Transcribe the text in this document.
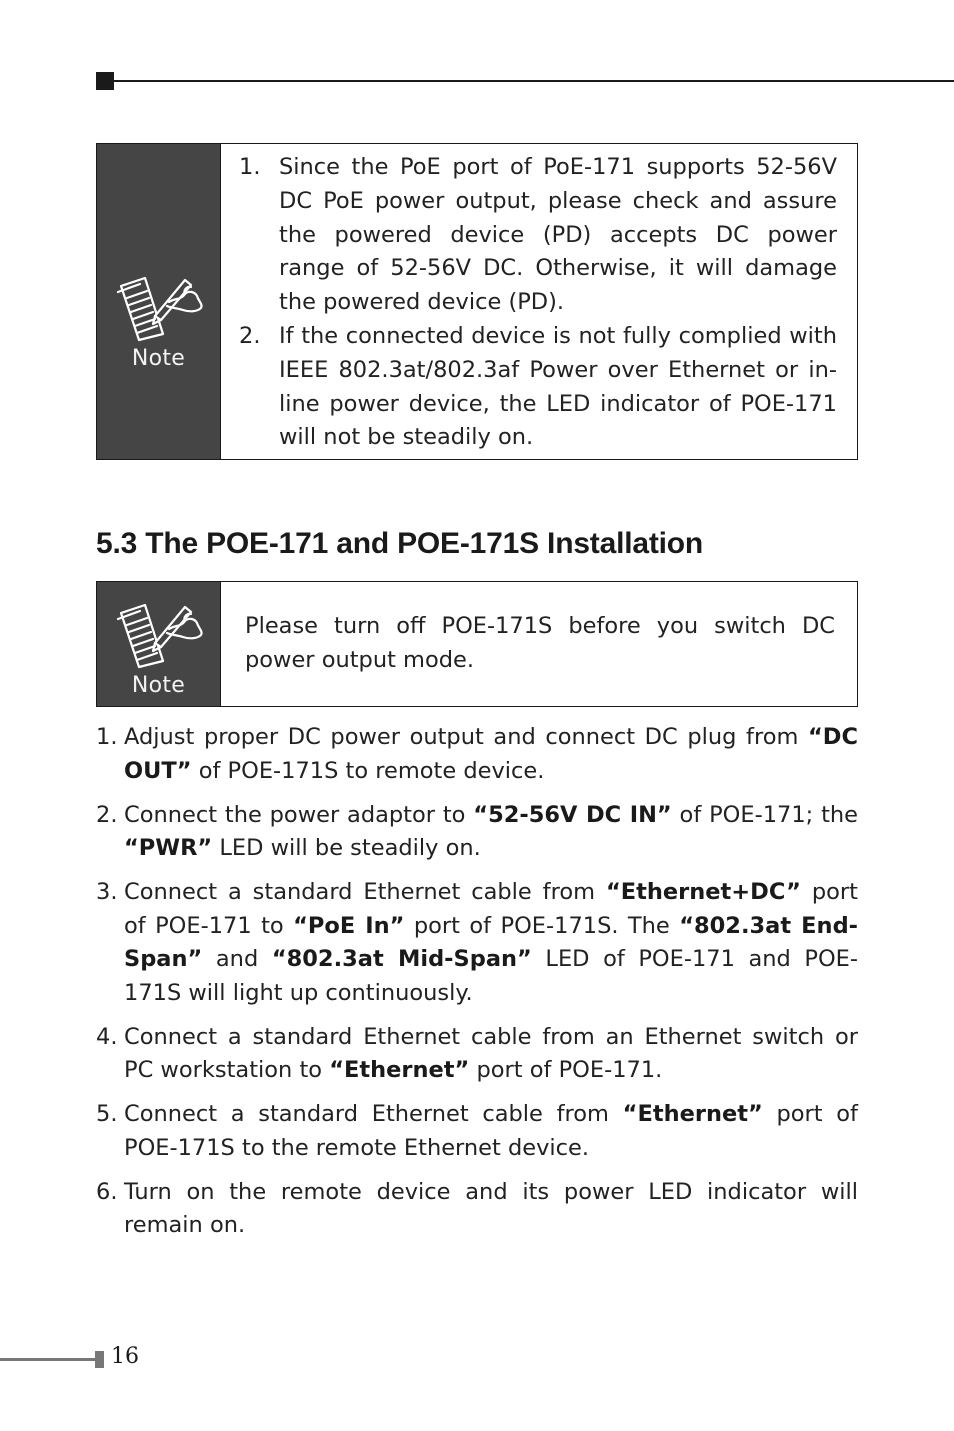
Note
1. Since the PoE port of PoE-171 supports 52-56V DC PoE power output, please check and assure the powered device (PD) accepts DC power range of 52-56V DC. Otherwise, it will damage the powered device (PD).
2. If the connected device is not fully complied with IEEE 802.3at/802.3af Power over Ethernet or in-line power device, the LED indicator of POE-171 will not be steadily on.
5.3 The POE-171 and POE-171S Installation
Note
Please turn off POE-171S before you switch DC power output mode.
1. Adjust proper DC power output and connect DC plug from “DC OUT” of POE-171S to remote device.
2. Connect the power adaptor to “52-56V DC IN” of POE-171; the “PWR” LED will be steadily on.
3. Connect a standard Ethernet cable from “Ethernet+DC” port of POE-171 to “PoE In” port of POE-171S. The “802.3at End-Span” and “802.3at Mid-Span” LED of POE-171 and POE-171S will light up continuously.
4. Connect a standard Ethernet cable from an Ethernet switch or PC workstation to “Ethernet” port of POE-171.
5. Connect a standard Ethernet cable from “Ethernet” port of POE-171S to the remote Ethernet device.
6. Turn on the remote device and its power LED indicator will remain on.
16
